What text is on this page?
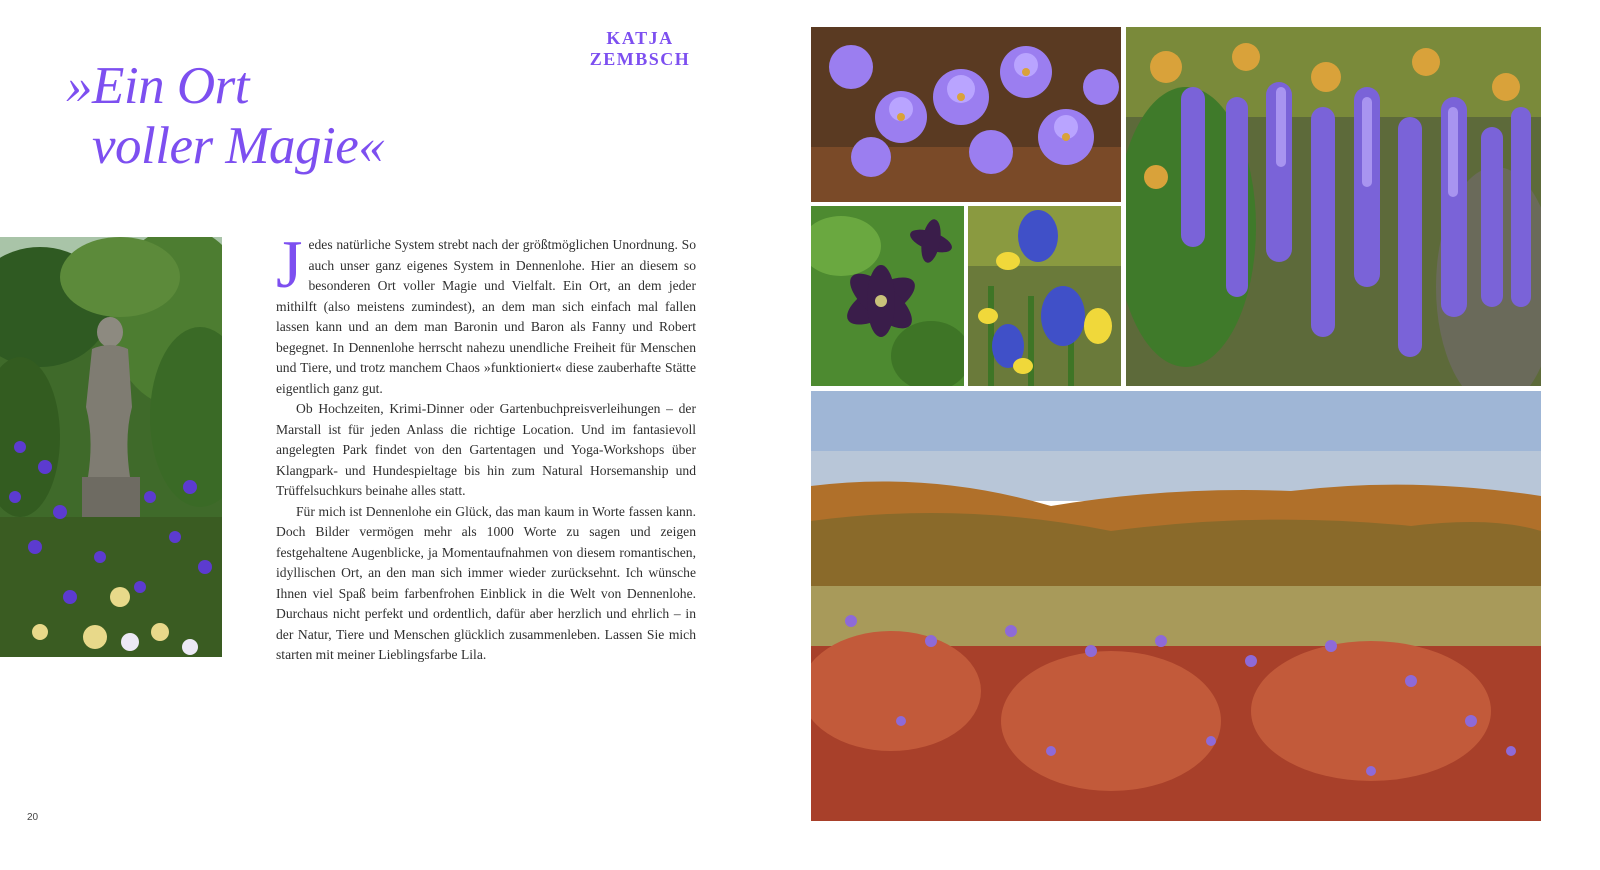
KATJA
ZEMBSCH
»Ein Ort
voller Magie«

Jedes natürliche System strebt nach der größtmöglichen Unordnung. So auch unser ganz eigenes System in Dennenlohe. Hier an diesem so besonderen Ort voller Magie und Vielfalt. Ein Ort, an dem jeder mithilft (also meistens zumindest), an dem man sich einfach mal fallen lassen kann und an dem man Baronin und Baron als Fanny und Robert begegnet. In Dennenlohe herrscht nahezu unendliche Freiheit für Menschen und Tiere, und trotz manchem Chaos »funktioniert« diese zauberhafte Stätte eigentlich ganz gut.

Ob Hochzeiten, Krimi-Dinner oder Gartenbuchpreisverleihungen – der Marstall ist für jeden Anlass die richtige Location. Und im fantasievoll angelegten Park findet von den Gartentagen und Yoga-Workshops über Klangpark- und Hundespieltage bis hin zum Natural Horsemanship und Trüffelsuchkurs beinahe alles statt.

Für mich ist Dennenlohe ein Glück, das man kaum in Worte fassen kann. Doch Bilder vermögen mehr als 1000 Worte zu sagen und zeigen festgehaltene Augenblicke, ja Momentaufnahmen von diesem romantischen, idyllischen Ort, an den man sich immer wieder zurücksehnt. Ich wünsche Ihnen viel Spaß beim farbenfrohen Einblick in die Welt von Dennenlohe. Durchaus nicht perfekt und ordentlich, dafür aber herzlich und ehrlich – in der Natur, Tiere und Menschen glücklich zusammenleben. Lassen Sie mich starten mit meiner Lieblingsfarbe Lila.

20
